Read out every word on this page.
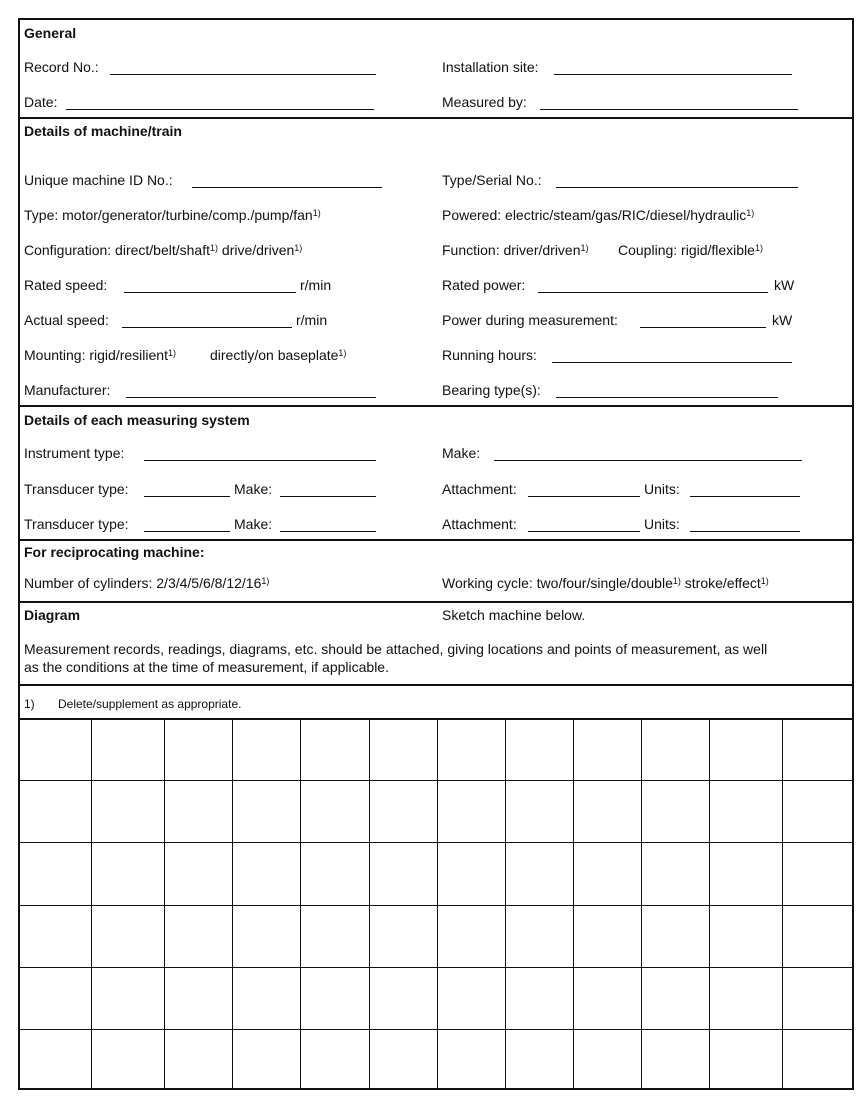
General
Record No.:	Installation site:
Date:	Measured by:
Details of machine/train
Unique machine ID No.:	Type/Serial No.:
Type: motor/generator/turbine/comp./pump/fan$^{1)}$	Powered: electric/steam/gas/RIC/diesel/hydraulic$^{1)}$
Configuration: direct/belt/shaft$^{1)}$ drive/driven$^{1)}$	Function: driver/driven$^{1)}$ Coupling: rigid/flexible$^{1)}$
Rated speed:	r/min	Rated power:	kW
Actual speed:	r/min	Power during measurement:	kW
Mounting: rigid/resilient$^{1)}$ directly/on baseplate$^{1)}$	Running hours:
Manufacturer:	Bearing type(s):
Details of each measuring system
Instrument type:	Make:
Transducer type:	Make:	Attachment:	Units:
Transducer type:	Make:	Attachment:	Units:
For reciprocating machine:
Number of cylinders: 2/3/4/5/6/8/12/16$^{1)}$	Working cycle: two/four/single/double$^{1)}$ stroke/effect$^{1)}$
Diagram	Sketch machine below.
Measurement records, readings, diagrams, etc. should be attached, giving locations and points of measurement, as well
as the conditions at the time of measurement, if applicable.
1) Delete/supplement as appropriate.
